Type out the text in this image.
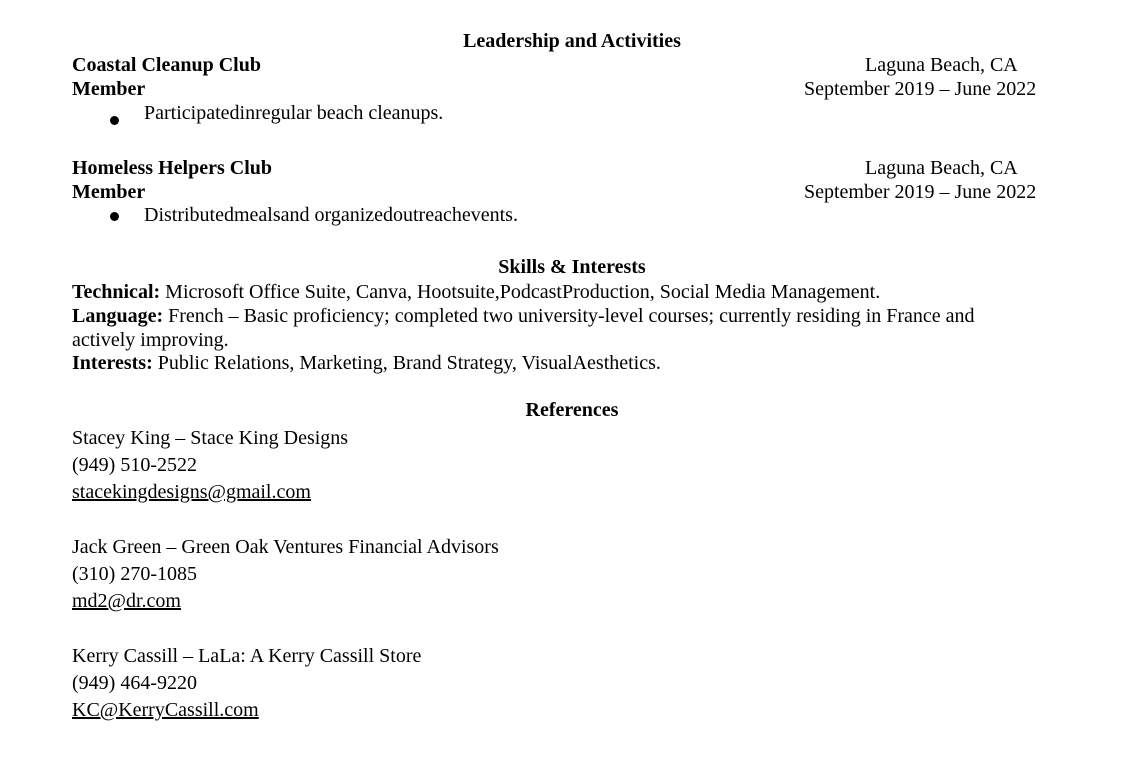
Leadership and Activities
Coastal Cleanup Club
Member
Laguna Beach, CA
September 2019 – June 2022
Participatedinregular beach cleanups.
Homeless Helpers Club
Member
Laguna Beach, CA
September 2019 – June 2022
Distributedmealsand organizedoutreachevents.
Skills & Interests
Technical: Microsoft Office Suite, Canva, Hootsuite,PodcastProduction, Social Media Management.
Language: French – Basic proficiency; completed two university-level courses; currently residing in France and
actively improving.
Interests: Public Relations, Marketing, Brand Strategy, VisualAesthetics.
References
Stacey King – Stace King Designs
(949) 510-2522
stacekingdesigns@gmail.com
Jack Green – Green Oak Ventures Financial Advisors
(310) 270-1085
md2@dr.com
Kerry Cassill – LaLa: A Kerry Cassill Store
(949) 464-9220
KC@KerryCassill.com
